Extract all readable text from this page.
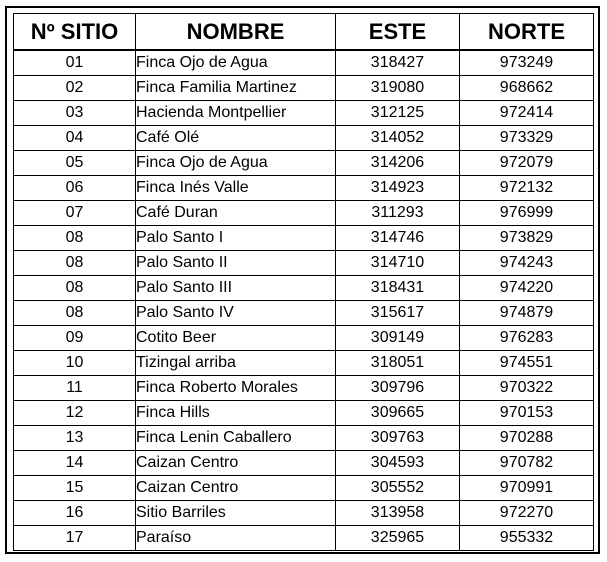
Nº SITIO	NOMBRE	ESTE	NORTE
01	Finca Ojo de Agua	318427	973249
02	Finca Familia Martinez	319080	968662
03	Hacienda Montpellier	312125	972414
04	Café Olé	314052	973329
05	Finca Ojo de Agua	314206	972079
06	Finca Inés Valle	314923	972132
07	Café Duran	311293	976999
08	Palo Santo I	314746	973829
08	Palo Santo II	314710	974243
08	Palo Santo III	318431	974220
08	Palo Santo IV	315617	974879
09	Cotito Beer	309149	976283
10	Tizingal arriba	318051	974551
11	Finca Roberto Morales	309796	970322
12	Finca Hills	309665	970153
13	Finca Lenin Caballero	309763	970288
14	Caizan Centro	304593	970782
15	Caizan Centro	305552	970991
16	Sitio Barriles	313958	972270
17	Paraíso	325965	955332
